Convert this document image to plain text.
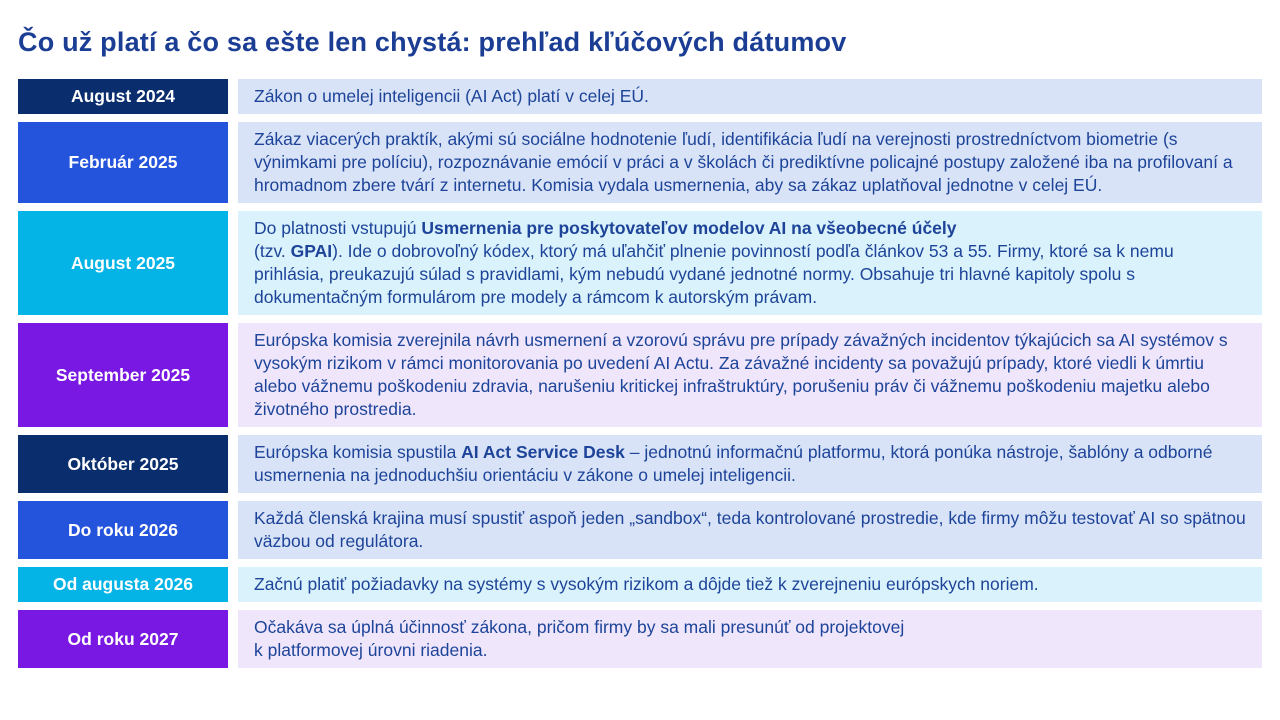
Čo už platí a čo sa ešte len chystá: prehľad kľúčových dátumov
August 2024	Zákon o umelej inteligencii (AI Act) platí v celej EÚ.
Február 2025
Zákaz viacerých praktík, akými sú sociálne hodnotenie ľudí, identifikácia ľudí na verejnosti prostredníctvom biometrie (s výnimkami pre políciu), rozpoznávanie emócií v práci a v školách či prediktívne policajné postupy založené iba na profilovaní a hromadnom zbere tvárí z internetu. Komisia vydala usmernenia, aby sa zákaz uplatňoval jednotne v celej EÚ.
August 2025
Do platnosti vstupujú Usmernenia pre poskytovateľov modelov AI na všeobecné účely
(tzv. GPAI). Ide o dobrovoľný kódex, ktorý má uľahčiť plnenie povinností podľa článkov 53 a 55. Firmy, ktoré sa k nemu prihlásia, preukazujú súlad s pravidlami, kým nebudú vydané jednotné normy. Obsahuje tri hlavné kapitoly spolu s dokumentačným formulárom pre modely a rámcom k autorským právam.
September 2025
Európska komisia zverejnila návrh usmernení a vzorovú správu pre prípady závažných incidentov týkajúcich sa AI systémov s vysokým rizikom v rámci monitorovania po uvedení AI Actu. Za závažné incidenty sa považujú prípady, ktoré viedli k úmrtiu alebo vážnemu poškodeniu zdravia, narušeniu kritickej infraštruktúry, porušeniu práv či vážnemu poškodeniu majetku alebo životného prostredia.
Október 2025
Európska komisia spustila AI Act Service Desk – jednotnú informačnú platformu, ktorá ponúka nástroje, šablóny a odborné usmernenia na jednoduchšiu orientáciu v zákone o umelej inteligencii.
Do roku 2026
Každá členská krajina musí spustiť aspoň jeden „sandbox“, teda kontrolované prostredie, kde firmy môžu testovať AI so spätnou väzbou od regulátora.
Od augusta 2026	Začnú platiť požiadavky na systémy s vysokým rizikom a dôjde tiež k zverejneniu európskych noriem.
Od roku 2027
Očakáva sa úplná účinnosť zákona, pričom firmy by sa mali presunúť od projektovej
k platformovej úrovni riadenia.
